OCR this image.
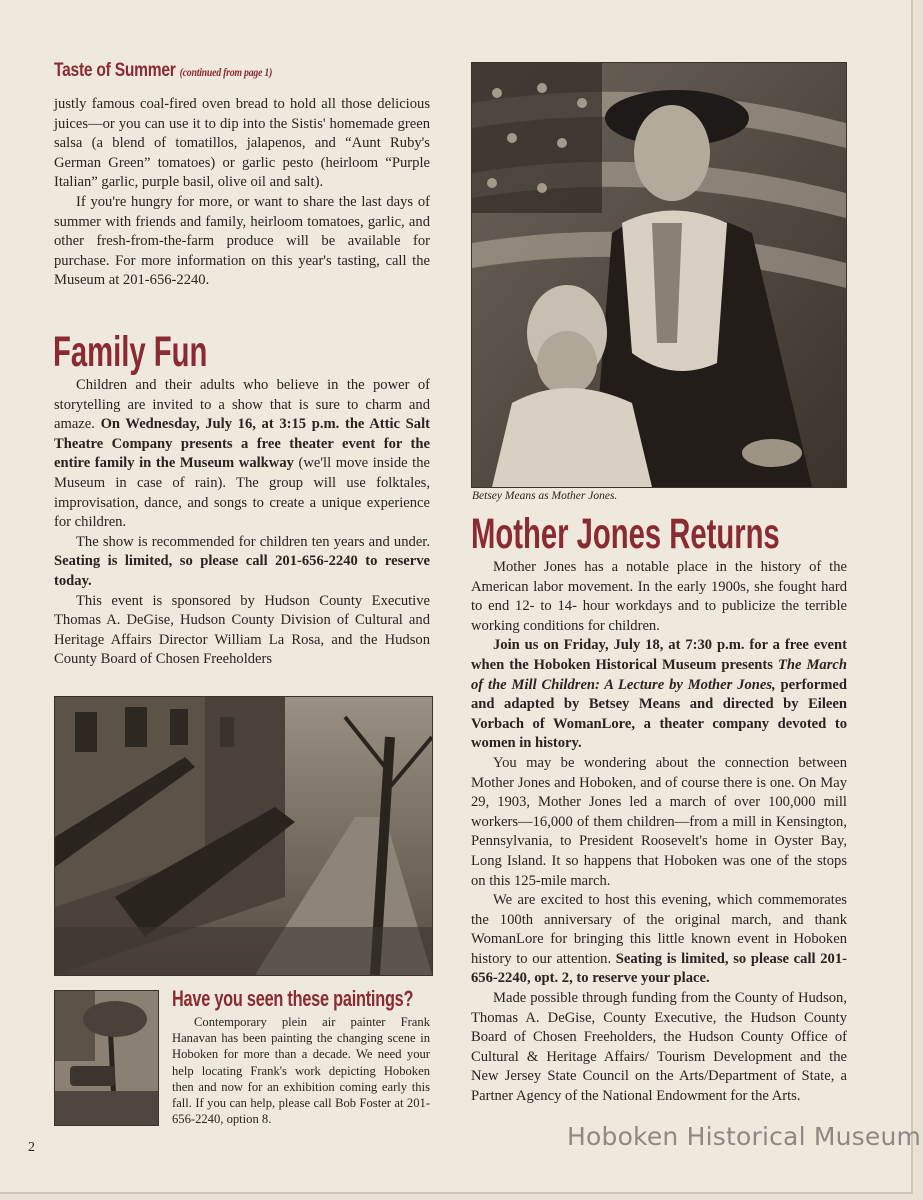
Taste of Summer (continued from page 1)

justly famous coal-fired oven bread to hold all those delicious juices—or you can use it to dip into the Sistis' homemade green salsa (a blend of tomatillos, jalapenos, and “Aunt Ruby's German Green” tomatoes) or garlic pesto (heirloom “Purple Italian” garlic, purple basil, olive oil and salt).

If you're hungry for more, or want to share the last days of summer with friends and family, heirloom tomatoes, garlic, and other fresh-from-the-farm produce will be available for purchase. For more information on this year's tasting, call the Museum at 201-656-2240.

Family Fun

Children and their adults who believe in the power of storytelling are invited to a show that is sure to charm and amaze. On Wednesday, July 16, at 3:15 p.m. the Attic Salt Theatre Company presents a free theater event for the entire family in the Museum walkway (we'll move inside the Museum in case of rain). The group will use folktales, improvisation, dance, and songs to create a unique experience for children.

The show is recommended for children ten years and under. Seating is limited, so please call 201-656-2240 to reserve today.

This event is sponsored by Hudson County Executive Thomas A. DeGise, Hudson County Division of Cultural and Heritage Affairs Director William La Rosa, and the Hudson County Board of Chosen Freeholders

Have you seen these paintings?

Contemporary plein air painter Frank Hanavan has been painting the changing scene in Hoboken for more than a decade. We need your help locating Frank's work depicting Hoboken then and now for an exhibition coming early this fall. If you can help, please call Bob Foster at 201-656-2240, option 8.

Betsey Means as Mother Jones.
Mother Jones Returns

Mother Jones has a notable place in the history of the American labor movement. In the early 1900s, she fought hard to end 12- to 14- hour workdays and to publicize the terrible working conditions for children.

Join us on Friday, July 18, at 7:30 p.m. for a free event when the Hoboken Historical Museum presents The March of the Mill Children: A Lecture by Mother Jones, performed and adapted by Betsey Means and directed by Eileen Vorbach of WomanLore, a theater company devoted to women in history.

You may be wondering about the connection between Mother Jones and Hoboken, and of course there is one. On May 29, 1903, Mother Jones led a march of over 100,000 mill workers—16,000 of them children—from a mill in Kensington, Pennsylvania, to President Roosevelt's home in Oyster Bay, Long Island. It so happens that Hoboken was one of the stops on this 125-mile march.

We are excited to host this evening, which commemorates the 100th anniversary of the original march, and thank WomanLore for bringing this little known event in Hoboken history to our attention. Seating is limited, so please call 201-656-2240, opt. 2, to reserve your place.

Made possible through funding from the County of Hudson, Thomas A. DeGise, County Executive, the Hudson County Board of Chosen Freeholders, the Hudson County Office of Cultural & Heritage Affairs/ Tourism Development and the New Jersey State Council on the Arts/Department of State, a Partner Agency of the National Endowment for the Arts.

2	Hoboken Historical Museum
